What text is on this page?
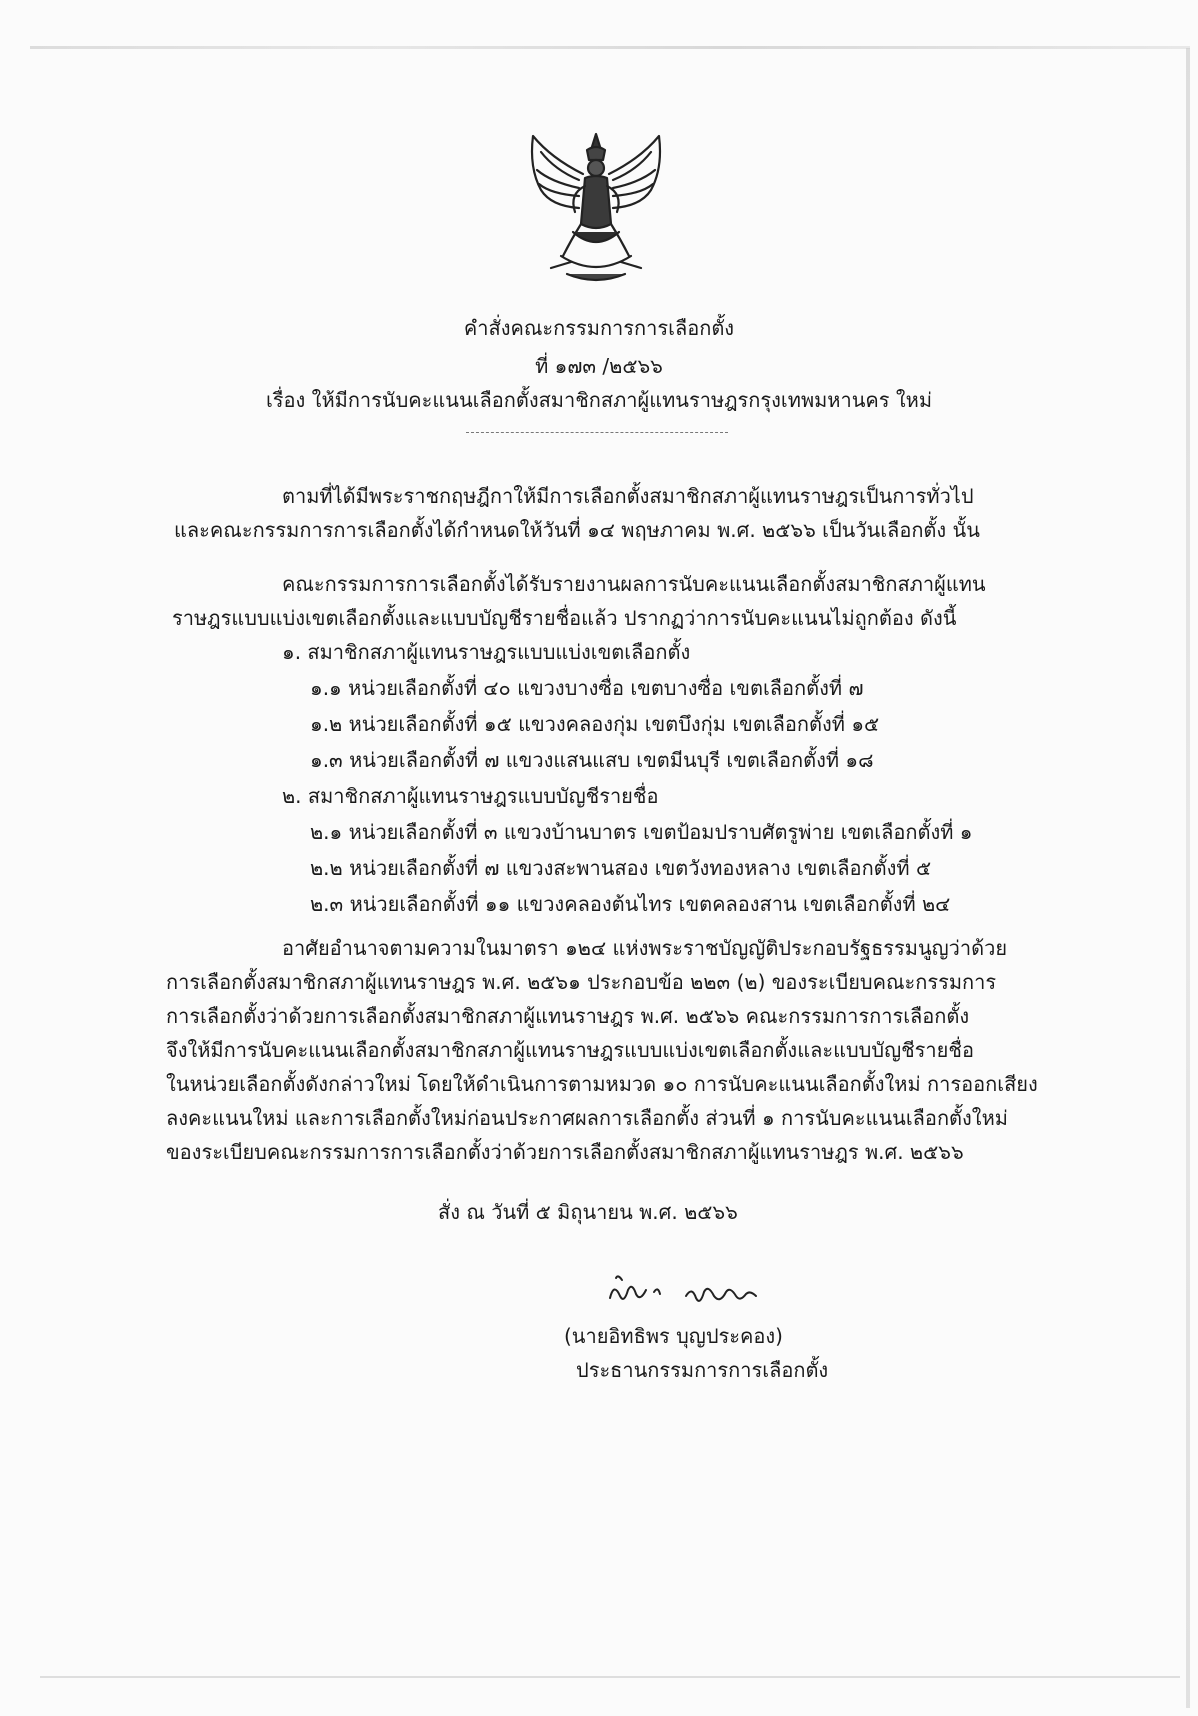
คำสั่งคณะกรรมการการเลือกตั้ง
ที่ ๑๗๓ /๒๕๖๖
เรื่อง ให้มีการนับคะแนนเลือกตั้งสมาชิกสภาผู้แทนราษฎรกรุงเทพมหานคร ใหม่
ตามที่ได้มีพระราชกฤษฎีกาให้มีการเลือกตั้งสมาชิกสภาผู้แทนราษฎรเป็นการทั่วไป
และคณะกรรมการการเลือกตั้งได้กำหนดให้วันที่ ๑๔ พฤษภาคม พ.ศ. ๒๕๖๖ เป็นวันเลือกตั้ง นั้น
คณะกรรมการการเลือกตั้งได้รับรายงานผลการนับคะแนนเลือกตั้งสมาชิกสภาผู้แทน
ราษฎรแบบแบ่งเขตเลือกตั้งและแบบบัญชีรายชื่อแล้ว ปรากฏว่าการนับคะแนนไม่ถูกต้อง ดังนี้
๑. สมาชิกสภาผู้แทนราษฎรแบบแบ่งเขตเลือกตั้ง
๑.๑ หน่วยเลือกตั้งที่ ๔๐ แขวงบางซื่อ เขตบางซื่อ เขตเลือกตั้งที่ ๗
๑.๒ หน่วยเลือกตั้งที่ ๑๕ แขวงคลองกุ่ม เขตบึงกุ่ม เขตเลือกตั้งที่ ๑๕
๑.๓ หน่วยเลือกตั้งที่ ๗ แขวงแสนแสบ เขตมีนบุรี เขตเลือกตั้งที่ ๑๘
๒. สมาชิกสภาผู้แทนราษฎรแบบบัญชีรายชื่อ
๒.๑ หน่วยเลือกตั้งที่ ๓ แขวงบ้านบาตร เขตป้อมปราบศัตรูพ่าย เขตเลือกตั้งที่ ๑
๒.๒ หน่วยเลือกตั้งที่ ๗ แขวงสะพานสอง เขตวังทองหลาง เขตเลือกตั้งที่ ๕
๒.๓ หน่วยเลือกตั้งที่ ๑๑ แขวงคลองต้นไทร เขตคลองสาน เขตเลือกตั้งที่ ๒๔
อาศัยอำนาจตามความในมาตรา ๑๒๔ แห่งพระราชบัญญัติประกอบรัฐธรรมนูญว่าด้วย
การเลือกตั้งสมาชิกสภาผู้แทนราษฎร พ.ศ. ๒๕๖๑ ประกอบข้อ ๒๒๓ (๒) ของระเบียบคณะกรรมการ
การเลือกตั้งว่าด้วยการเลือกตั้งสมาชิกสภาผู้แทนราษฎร พ.ศ. ๒๕๖๖ คณะกรรมการการเลือกตั้ง
จึงให้มีการนับคะแนนเลือกตั้งสมาชิกสภาผู้แทนราษฎรแบบแบ่งเขตเลือกตั้งและแบบบัญชีรายชื่อ
ในหน่วยเลือกตั้งดังกล่าวใหม่ โดยให้ดำเนินการตามหมวด ๑๐ การนับคะแนนเลือกตั้งใหม่ การออกเสียง
ลงคะแนนใหม่ และการเลือกตั้งใหม่ก่อนประกาศผลการเลือกตั้ง ส่วนที่ ๑ การนับคะแนนเลือกตั้งใหม่
ของระเบียบคณะกรรมการการเลือกตั้งว่าด้วยการเลือกตั้งสมาชิกสภาผู้แทนราษฎร พ.ศ. ๒๕๖๖
สั่ง ณ วันที่ ๕ มิถุนายน พ.ศ. ๒๕๖๖
(นายอิทธิพร บุญประคอง)
ประธานกรรมการการเลือกตั้ง
